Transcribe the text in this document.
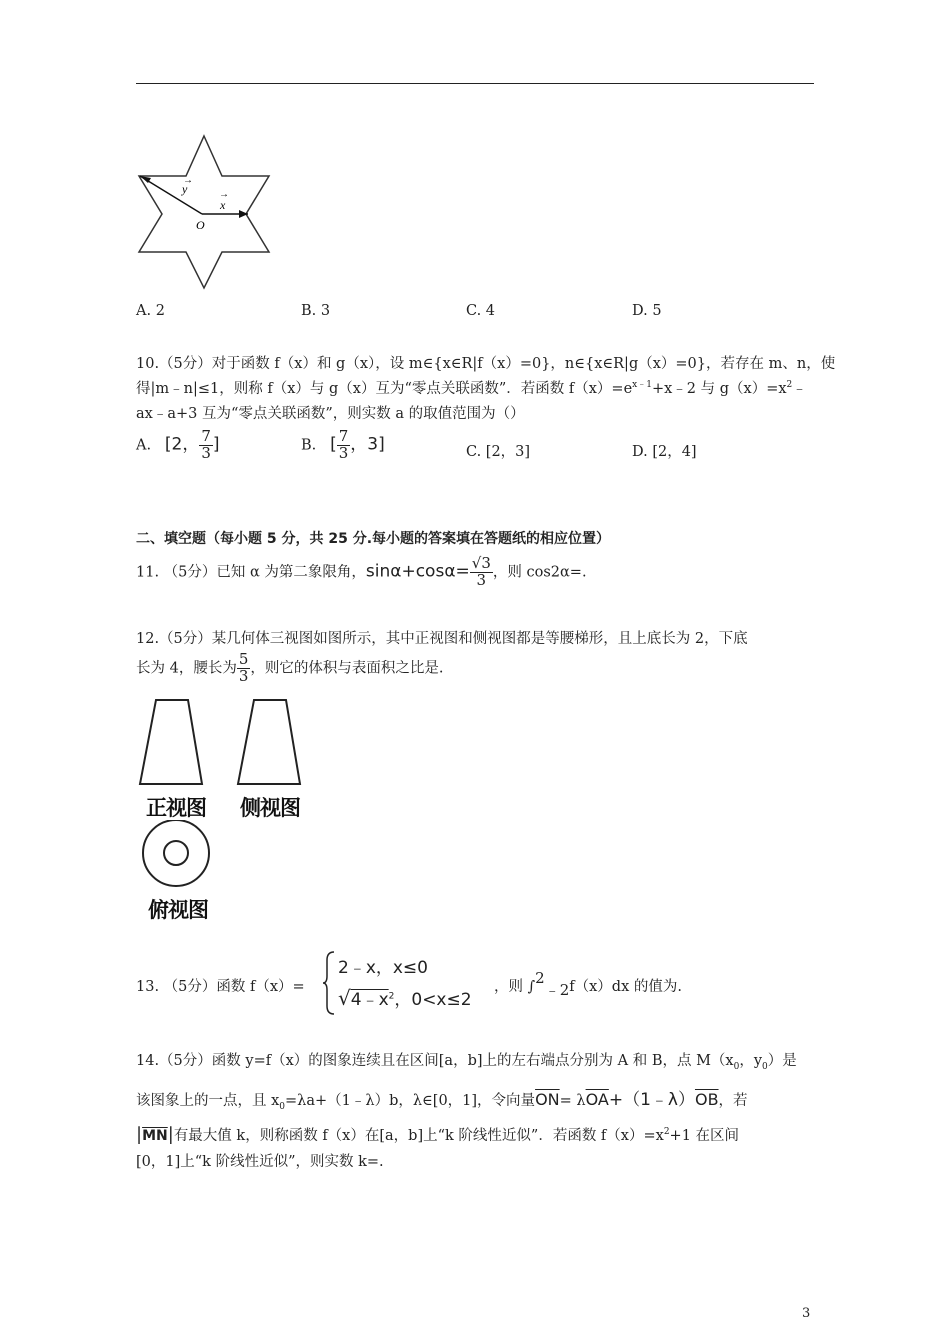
y
→
x
→
O
A. 2	B. 3	C. 4	D. 5
10.（5分）对于函数 f（x）和 g（x），设 m∈{x∈R|f（x）=0}，n∈{x∈R|g（x）=0}，若存在 m、n，使
得|m﹣n|≤1，则称 f（x）与 g（x）互为“零点关联函数”．若函数 $f(x)=e^{x﹣1}+x﹣2$ 与 $g(x)=x^2﹣$
ax﹣a+3 互为“零点关联函数”，则实数 a 的取值范围为（）
A. [2， $\frac{7}{3}$ ]	B. [ $\frac{7}{3}$ ，3]	C. [2，3]	D. [2，4]
二、填空题（每小题 5 分，共 25 分.每小题的答案填在答题纸的相应位置）
11. （5分）已知 α 为第二象限角，$\sin\alpha+\cos\alpha= \frac{√3}{3}$ ，则 cos2α=.
12.（5分）某几何体三视图如图所示，其中正视图和侧视图都是等腰梯形，且上底长为 2，下底
长为 4，腰长为 $\frac{5}{3}$ ，则它的体积与表面积之比是.
正视图 侧视图
俯视图
13. （5分）函数 f（x）=
2﹣x，x≤0
$√4﹣x^2$，0<x≤2
，则 ∫2﹣2f（x）dx 的值为.
14.（5分）函数 y=f（x）的图象连续且在区间[a，b]上的左右端点分别为 A 和 B，点 $M(x_0$，$y_0$）是
该图象上的一点，且 $x_0=\lambda a+(1﹣\lambda)b$，λ∈[0，1]，令向量$\overline{ON}=$ $\lambda\overline{OA}+(1﹣\lambda)\overline{OB}$，若
$|\overline{MN}|$有最大值 k，则称函数 f（x）在[a，b]上“k 阶线性近似”．若函数 $f(x)=x^2+1$ 在区间
[0，1]上“k 阶线性近似”，则实数 k=.
3
